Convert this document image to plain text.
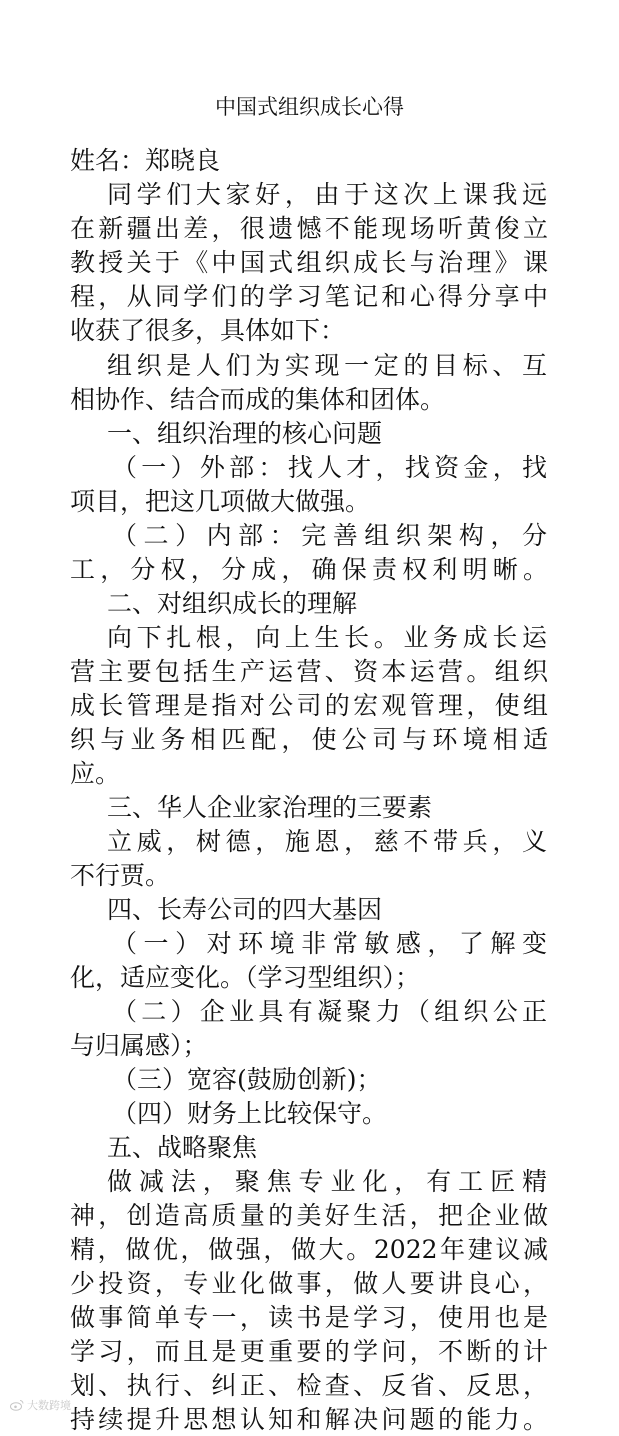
中国式组织成长心得
姓名：郑晓良
同学们大家好，由于这次上课我远
在新疆出差，很遗憾不能现场听黄俊立
教授关于《中国式组织成长与治理》课
程，从同学们的学习笔记和心得分享中
收获了很多，具体如下：
组织是人们为实现一定的目标、互
相协作、结合而成的集体和团体。
一、组织治理的核心问题
（一）外部：找人才，找资金，找
项目，把这几项做大做强。
（二）内部：完善组织架构，分
工，分权，分成，确保责权利明晰。
二、对组织成长的理解
向下扎根，向上生长。业务成长运
营主要包括生产运营、资本运营。组织
成长管理是指对公司的宏观管理，使组
织与业务相匹配，使公司与环境相适
应。
三、华人企业家治理的三要素
立威，树德，施恩，慈不带兵，义
不行贾。
四、长寿公司的四大基因
（一）对环境非常敏感，了解变
化，适应变化。（学习型组织）；
（二）企业具有凝聚力（组织公正
与归属感）；
（三）宽容(鼓励创新)；
（四）财务上比较保守。
五、战略聚焦
做减法，聚焦专业化，有工匠精
神，创造高质量的美好生活，把企业做
精，做优，做强，做大。2022年建议减
少投资，专业化做事，做人要讲良心，
做事简单专一，读书是学习，使用也是
学习，而且是更重要的学问，不断的计
划、执行、纠正、检查、反省、反思，
持续提升思想认知和解决问题的能力。
大数跨境
